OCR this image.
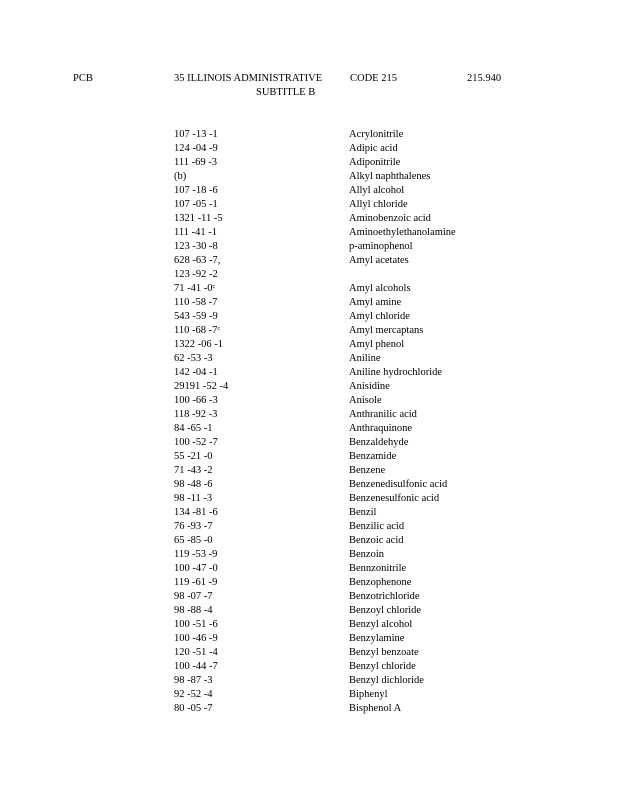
PCB	35 ILLINOIS ADMINISTRATIVE
SUBTITLE B
CODE 215	215.940
107 -13 -1	Acrylonitrile
124 -04 -9	Adipic acid
111 -69 -3	Adiponitrile
(b)	Alkyl naphthalenes
107 -18 -6	Allyl alcohol
107 -05 -1	Allyl chloride
1321 -11 -5	Aminobenzoic acid
111 -41 -1	Aminoethylethanolamine
123 -30 -8	p-aminophenol
628 -63 -7,	Amyl acetates
123 -92 -2
71 -41 -0$^c$	Amyl alcohols
110 -58 -7	Amyl amine
543 -59 -9	Amyl chloride
110 -68 -7$^c$	Amyl mercaptans
1322 -06 -1	Amyl phenol
62 -53 -3	Aniline
142 -04 -1	Aniline hydrochloride
29191 -52 -4	Anisidine
100 -66 -3	Anisole
118 -92 -3	Anthranilic acid
84 -65 -1	Anthraquinone
100 -52 -7	Benzaldehyde
55 -21 -0	Benzamide
71 -43 -2	Benzene
98 -48 -6	Benzenedisulfonic acid
98 -11 -3	Benzenesulfonic acid
134 -81 -6	Benzil
76 -93 -7	Benzilic acid
65 -85 -0	Benzoic acid
119 -53 -9	Benzoin
100 -47 -0	Bennzonitrile
119 -61 -9	Benzophenone
98 -07 -7	Benzotrichloride
98 -88 -4	Benzoyl chloride
100 -51 -6	Benzyl alcohol
100 -46 -9	Benzylamine
120 -51 -4	Benzyl benzoate
100 -44 -7	Benzyl chloride
98 -87 -3	Benzyl dichloride
92 -52 -4	Biphenyl
80 -05 -7	Bisphenol A
